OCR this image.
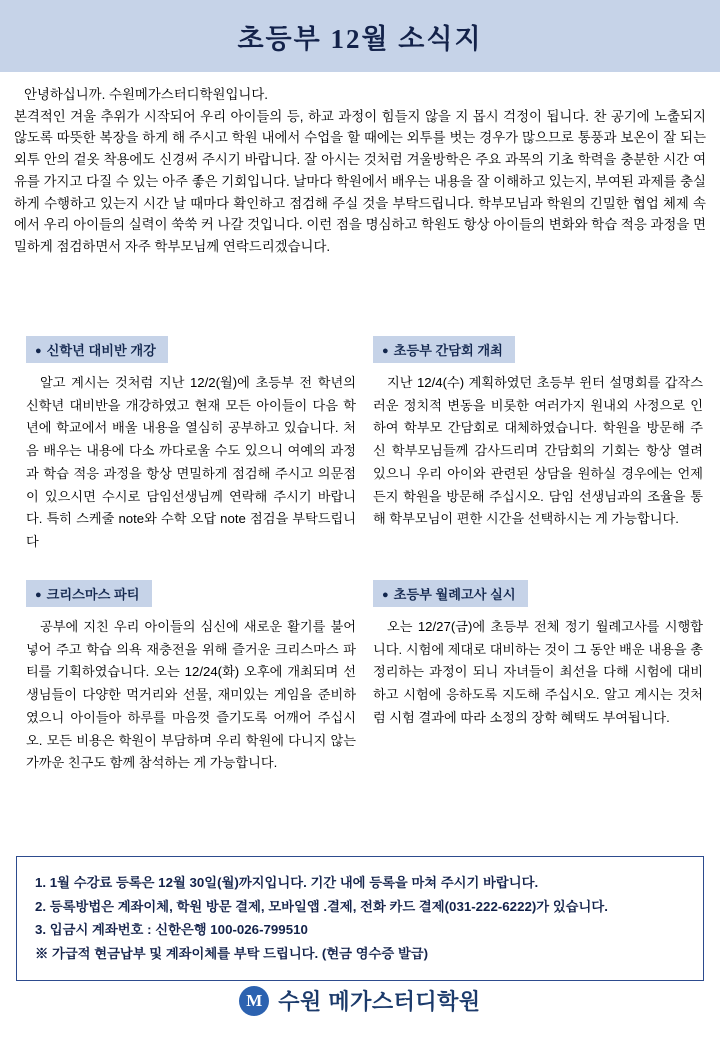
초등부 12월 소식지

안녕하십니까. 수원메가스터디학원입니다.

본격적인 겨울 추위가 시작되어 우리 아이들의 등, 하교 과정이 힘들지 않을 지 몹시 걱정이 됩니다. 찬 공기에 노출되지 않도록 따뜻한 복장을 하게 해 주시고 학원 내에서 수업을 할 때에는 외투를 벗는 경우가 많으므로 통풍과 보온이 잘 되는 외투 안의 겉옷 착용에도 신경써 주시기 바랍니다. 잘 아시는 것처럼 겨울방학은 주요 과목의 기초 학력을 충분한 시간 여유를 가지고 다질 수 있는 아주 좋은 기회입니다. 날마다 학원에서 배우는 내용을 잘 이해하고 있는지, 부여된 과제를 충실하게 수행하고 있는지 시간 날 때마다 확인하고 점검해 주실 것을 부탁드립니다. 학부모님과 학원의 긴밀한 협업 체제 속에서 우리 아이들의 실력이 쑥쑥 커 나갈 것입니다. 이런 점을 명심하고 학원도 항상 아이들의 변화와 학습 적응 과정을 면밀하게 점검하면서 자주 학부모님께 연락드리겠습니다.

● 신학년 대비반 개강
알고 계시는 것처럼 지난 12/2(월)에 초등부 전 학년의 신학년 대비반을 개강하였고 현재 모든 아이들이 다음 학년에 학교에서 배울 내용을 열심히 공부하고 있습니다. 처음 배우는 내용에 다소 까다로울 수도 있으니 여예의 과정과 학습 적응 과정을 항상 면밀하게 점검해 주시고 의문점이 있으시면 수시로 담임선생님께 연락해 주시기 바랍니다. 특히 스케줄 note와 수학 오답 note 점검을 부탁드립니다
● 크리스마스 파티
공부에 지친 우리 아이들의 심신에 새로운 활기를 불어넣어 주고 학습 의욕 재충전을 위해 즐거운 크리스마스 파티를 기획하였습니다. 오는 12/24(화) 오후에 개최되며 선생님들이 다양한 먹거리와 선물, 재미있는 게임을 준비하였으니 아이들아 하루를 마음껏 즐기도록 어깨어 주십시오. 모든 비용은 학원이 부담하며 우리 학원에 다니지 않는 가까운 친구도 함께 참석하는 게 가능합니다.
● 초등부 간담회 개최
지난 12/4(수) 계획하였던 초등부 윈터 설명회를 갑작스러운 정치적 변동을 비롯한 여러가지 원내외 사정으로 인하여 학부모 간담회로 대체하였습니다. 학원을 방문해 주신 학부모님들께 감사드리며 간담회의 기회는 항상 열려 있으니 우리 아이와 관련된 상담을 원하실 경우에는 언제든지 학원을 방문해 주십시오. 담임 선생님과의 조율을 통해 학부모님이 편한 시간을 선택하시는 게 가능합니다.
● 초등부 월례고사 실시
오는 12/27(금)에 초등부 전체 정기 월례고사를 시행합니다. 시험에 제대로 대비하는 것이 그 동안 배운 내용을 총정리하는 과정이 되니 자녀들이 최선을 다해 시험에 대비하고 시험에 응하도록 지도해 주십시오. 알고 계시는 것처럼 시험 결과에 따라 소정의 장학 혜택도 부여됩니다.
1. 1월 수강료 등록은 12월 30일(월)까지입니다. 기간 내에 등록을 마쳐 주시기 바랍니다.
2. 등록방법은 계좌이체, 학원 방문 결제, 모바일앱 .결제, 전화 카드 결제(031-222-6222)가 있습니다.
3. 입금시 계좌번호 : 신한은행 100-026-799510
※ 가급적 현금납부 및 계좌이체를 부탁 드립니다. (현금 영수증 발급)
M 수원 메가스터디학원
